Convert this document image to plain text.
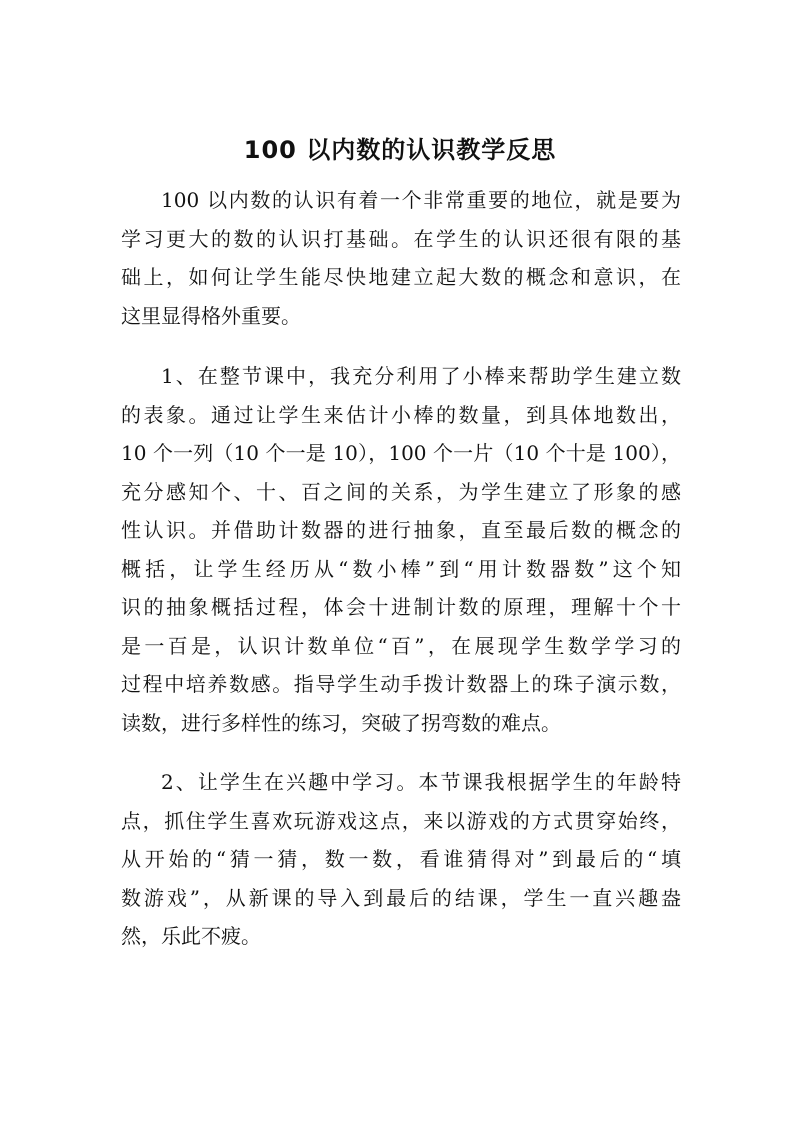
100 以内数的认识教学反思
100 以内数的认识有着一个非常重要的地位，就是要为
学习更大的数的认识打基础。在学生的认识还很有限的基
础上，如何让学生能尽快地建立起大数的概念和意识，在
这里显得格外重要。
1、在整节课中，我充分利用了小棒来帮助学生建立数
的表象。通过让学生来估计小棒的数量，到具体地数出，
10 个一列（10 个一是 10），100 个一片（10 个十是 100），
充分感知个、十、百之间的关系，为学生建立了形象的感
性认识。并借助计数器的进行抽象，直至最后数的概念的
概括，让学生经历从“数小棒”到“用计数器数”这个知
识的抽象概括过程，体会十进制计数的原理，理解十个十
是一百是，认识计数单位“百”，在展现学生数学学习的
过程中培养数感。指导学生动手拨计数器上的珠子演示数，
读数，进行多样性的练习，突破了拐弯数的难点。
2、让学生在兴趣中学习。本节课我根据学生的年龄特
点，抓住学生喜欢玩游戏这点，来以游戏的方式贯穿始终，
从开始的“猜一猜，数一数，看谁猜得对”到最后的“填
数游戏”，从新课的导入到最后的结课，学生一直兴趣盎
然，乐此不疲。
